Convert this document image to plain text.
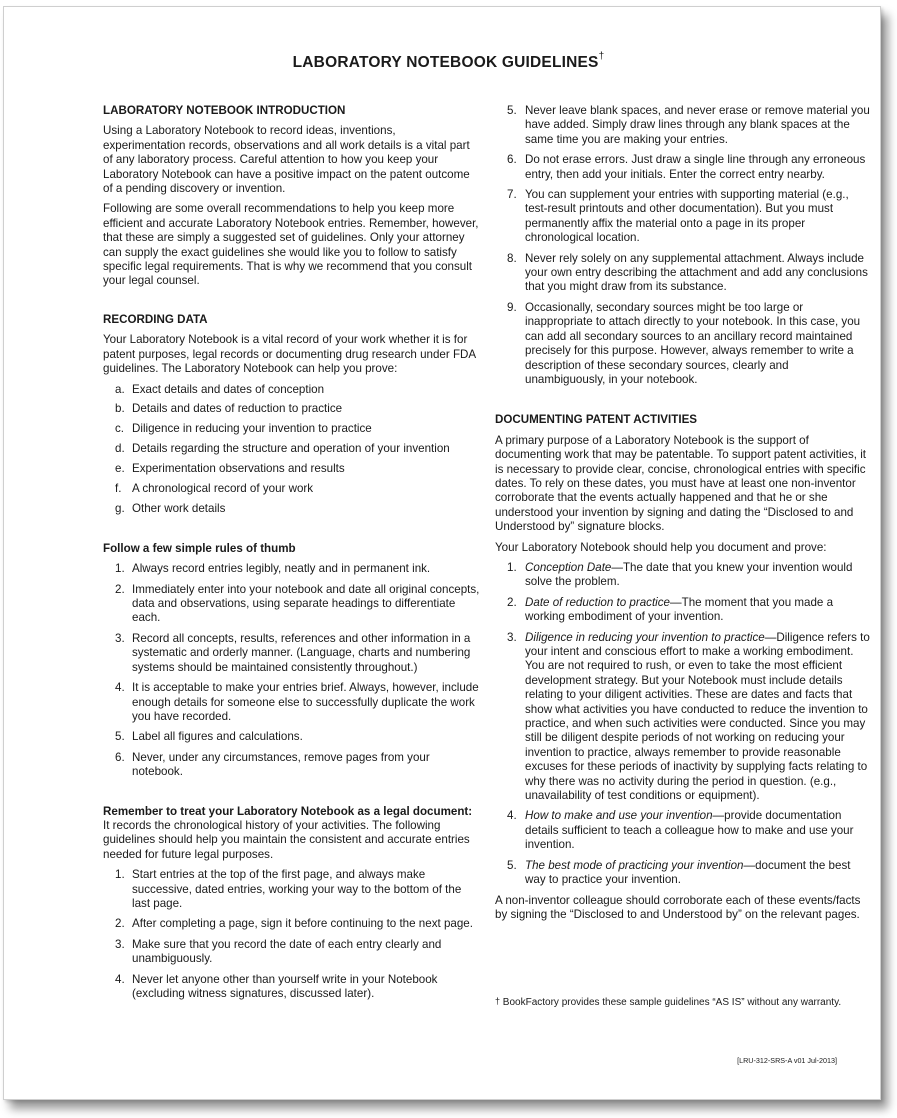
LABORATORY NOTEBOOK GUIDELINES†
LABORATORY NOTEBOOK INTRODUCTION

Using a Laboratory Notebook to record ideas, inventions, experimentation records, observations and all work details is a vital part of any laboratory process. Careful attention to how you keep your Laboratory Notebook can have a positive impact on the patent outcome of a pending discovery or invention.

Following are some overall recommendations to help you keep more efficient and accurate Laboratory Notebook entries. Remember, however, that these are simply a suggested set of guidelines. Only your attorney can supply the exact guidelines she would like you to follow to satisfy specific legal requirements. That is why we recommend that you consult your legal counsel.

RECORDING DATA

Your Laboratory Notebook is a vital record of your work whether it is for patent purposes, legal records or documenting drug research under FDA guidelines. The Laboratory Notebook can help you prove:

a. Exact details and dates of conception
b. Details and dates of reduction to practice
c. Diligence in reducing your invention to practice
d. Details regarding the structure and operation of your invention
e. Experimentation observations and results
f. A chronological record of your work
g. Other work details
Follow a few simple rules of thumb
1. Always record entries legibly, neatly and in permanent ink.
2. Immediately enter into your notebook and date all original concepts, data and observations, using separate headings to differentiate each.
3. Record all concepts, results, references and other information in a systematic and orderly manner. (Language, charts and numbering systems should be maintained consistently throughout.)
4. It is acceptable to make your entries brief. Always, however, include enough details for someone else to successfully duplicate the work you have recorded.
5. Label all figures and calculations.
6. Never, under any circumstances, remove pages from your notebook.

Remember to treat your Laboratory Notebook as a legal document: It records the chronological history of your activities. The following guidelines should help you maintain the consistent and accurate entries needed for future legal purposes.

1. Start entries at the top of the first page, and always make successive, dated entries, working your way to the bottom of the last page.
2. After completing a page, sign it before continuing to the next page.
3. Make sure that you record the date of each entry clearly and unambiguously.
4. Never let anyone other than yourself write in your Notebook (excluding witness signatures, discussed later).
5. Never leave blank spaces, and never erase or remove material you have added. Simply draw lines through any blank spaces at the same time you are making your entries.
6. Do not erase errors. Just draw a single line through any erroneous entry, then add your initials. Enter the correct entry nearby.
7. You can supplement your entries with supporting material (e.g., test-result printouts and other documentation). But you must permanently affix the material onto a page in its proper chronological location.
8. Never rely solely on any supplemental attachment. Always include your own entry describing the attachment and add any conclusions that you might draw from its substance.
9. Occasionally, secondary sources might be too large or inappropriate to attach directly to your notebook. In this case, you can add all secondary sources to an ancillary record maintained precisely for this purpose. However, always remember to write a description of these secondary sources, clearly and unambiguously, in your notebook.
DOCUMENTING PATENT ACTIVITIES

A primary purpose of a Laboratory Notebook is the support of documenting work that may be patentable. To support patent activities, it is necessary to provide clear, concise, chronological entries with specific dates. To rely on these dates, you must have at least one non-inventor corroborate that the events actually happened and that he or she understood your invention by signing and dating the “Disclosed to and Understood by” signature blocks.

Your Laboratory Notebook should help you document and prove:

1. Conception Date—The date that you knew your invention would solve the problem.
2. Date of reduction to practice—The moment that you made a working embodiment of your invention.
3. Diligence in reducing your invention to practice—Diligence refers to your intent and conscious effort to make a working embodiment. You are not required to rush, or even to take the most efficient development strategy. But your Notebook must include details relating to your diligent activities. These are dates and facts that show what activities you have conducted to reduce the invention to practice, and when such activities were conducted. Since you may still be diligent despite periods of not working on reducing your invention to practice, always remember to provide reasonable excuses for these periods of inactivity by supplying facts relating to why there was no activity during the period in question. (e.g., unavailability of test conditions or equipment).
4. How to make and use your invention—provide documentation details sufficient to teach a colleague how to make and use your invention.
5. The best mode of practicing your invention—document the best way to practice your invention.

A non-inventor colleague should corroborate each of these events/facts by signing the “Disclosed to and Understood by” on the relevant pages.

† BookFactory provides these sample guidelines “AS IS” without any warranty.
[LRU-312-SRS-A v01 Jul-2013]
